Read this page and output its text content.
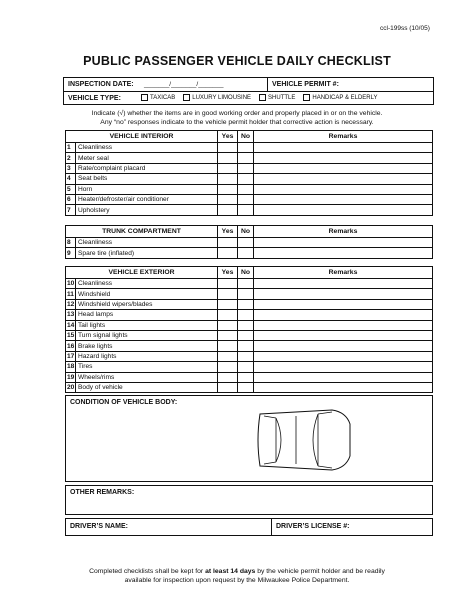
ccl-199ss (10/05)
PUBLIC PASSENGER VEHICLE DAILY CHECKLIST
INSPECTION DATE: _______/_______/_______	VEHICLE PERMIT #:
VEHICLE TYPE:	TAXICAB	LUXURY LIMOUSINE	SHUTTLE	HANDICAP & ELDERLY
Indicate (√) whether the items are in good working order and properly placed in or on the vehicle.
Any “no” responses indicate to the vehicle permit holder that corrective action is necessary.
VEHICLE INTERIOR		Yes	No	Remarks
1	Cleanliness			
2	Meter seal			
3	Rate/complaint placard			
4	Seat belts			
5	Horn			
6	Heater/defroster/air conditioner			
7	Upholstery			
TRUNK COMPARTMENT		Yes	No	Remarks
8	Cleanliness			
9	Spare tire (inflated)			
VEHICLE EXTERIOR		Yes	No	Remarks
10	Cleanliness			
11	Windshield			
12	Windshield wipers/blades			
13	Head lamps			
14	Tail lights			
15	Turn signal lights			
16	Brake lights			
17	Hazard lights			
18	Tires			
19	Wheels/rims			
20	Body of vehicle			
CONDITION OF VEHICLE BODY:
OTHER REMARKS:
DRIVER’S NAME:	DRIVER’S LICENSE #:
Completed checklists shall be kept for at least 14 days by the vehicle permit holder and be readily
available for inspection upon request by the Milwaukee Police Department.
